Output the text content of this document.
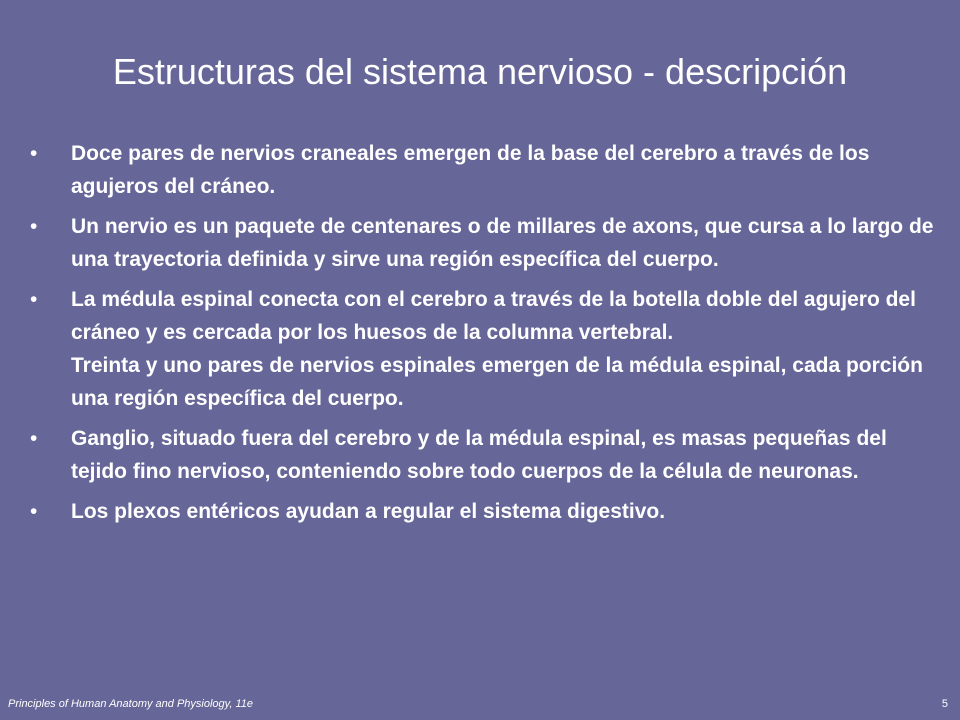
Estructuras del sistema nervioso - descripción
• Doce pares de nervios craneales emergen de la base del cerebro a través de los agujeros del cráneo.
• Un nervio es un paquete de centenares o de millares de axons, que cursa a lo largo de una trayectoria definida y sirve una región específica del cuerpo.
• La médula espinal conecta con el cerebro a través de la botella doble del agujero del cráneo y es cercada por los huesos de la columna vertebral.
Treinta y uno pares de nervios espinales emergen de la médula espinal, cada porción una región específica del cuerpo.
• Ganglio, situado fuera del cerebro y de la médula espinal, es masas pequeñas del tejido fino nervioso, conteniendo sobre todo cuerpos de la célula de neuronas.
• Los plexos entéricos ayudan a regular el sistema digestivo.
Principles of Human Anatomy and Physiology, 11e	5
